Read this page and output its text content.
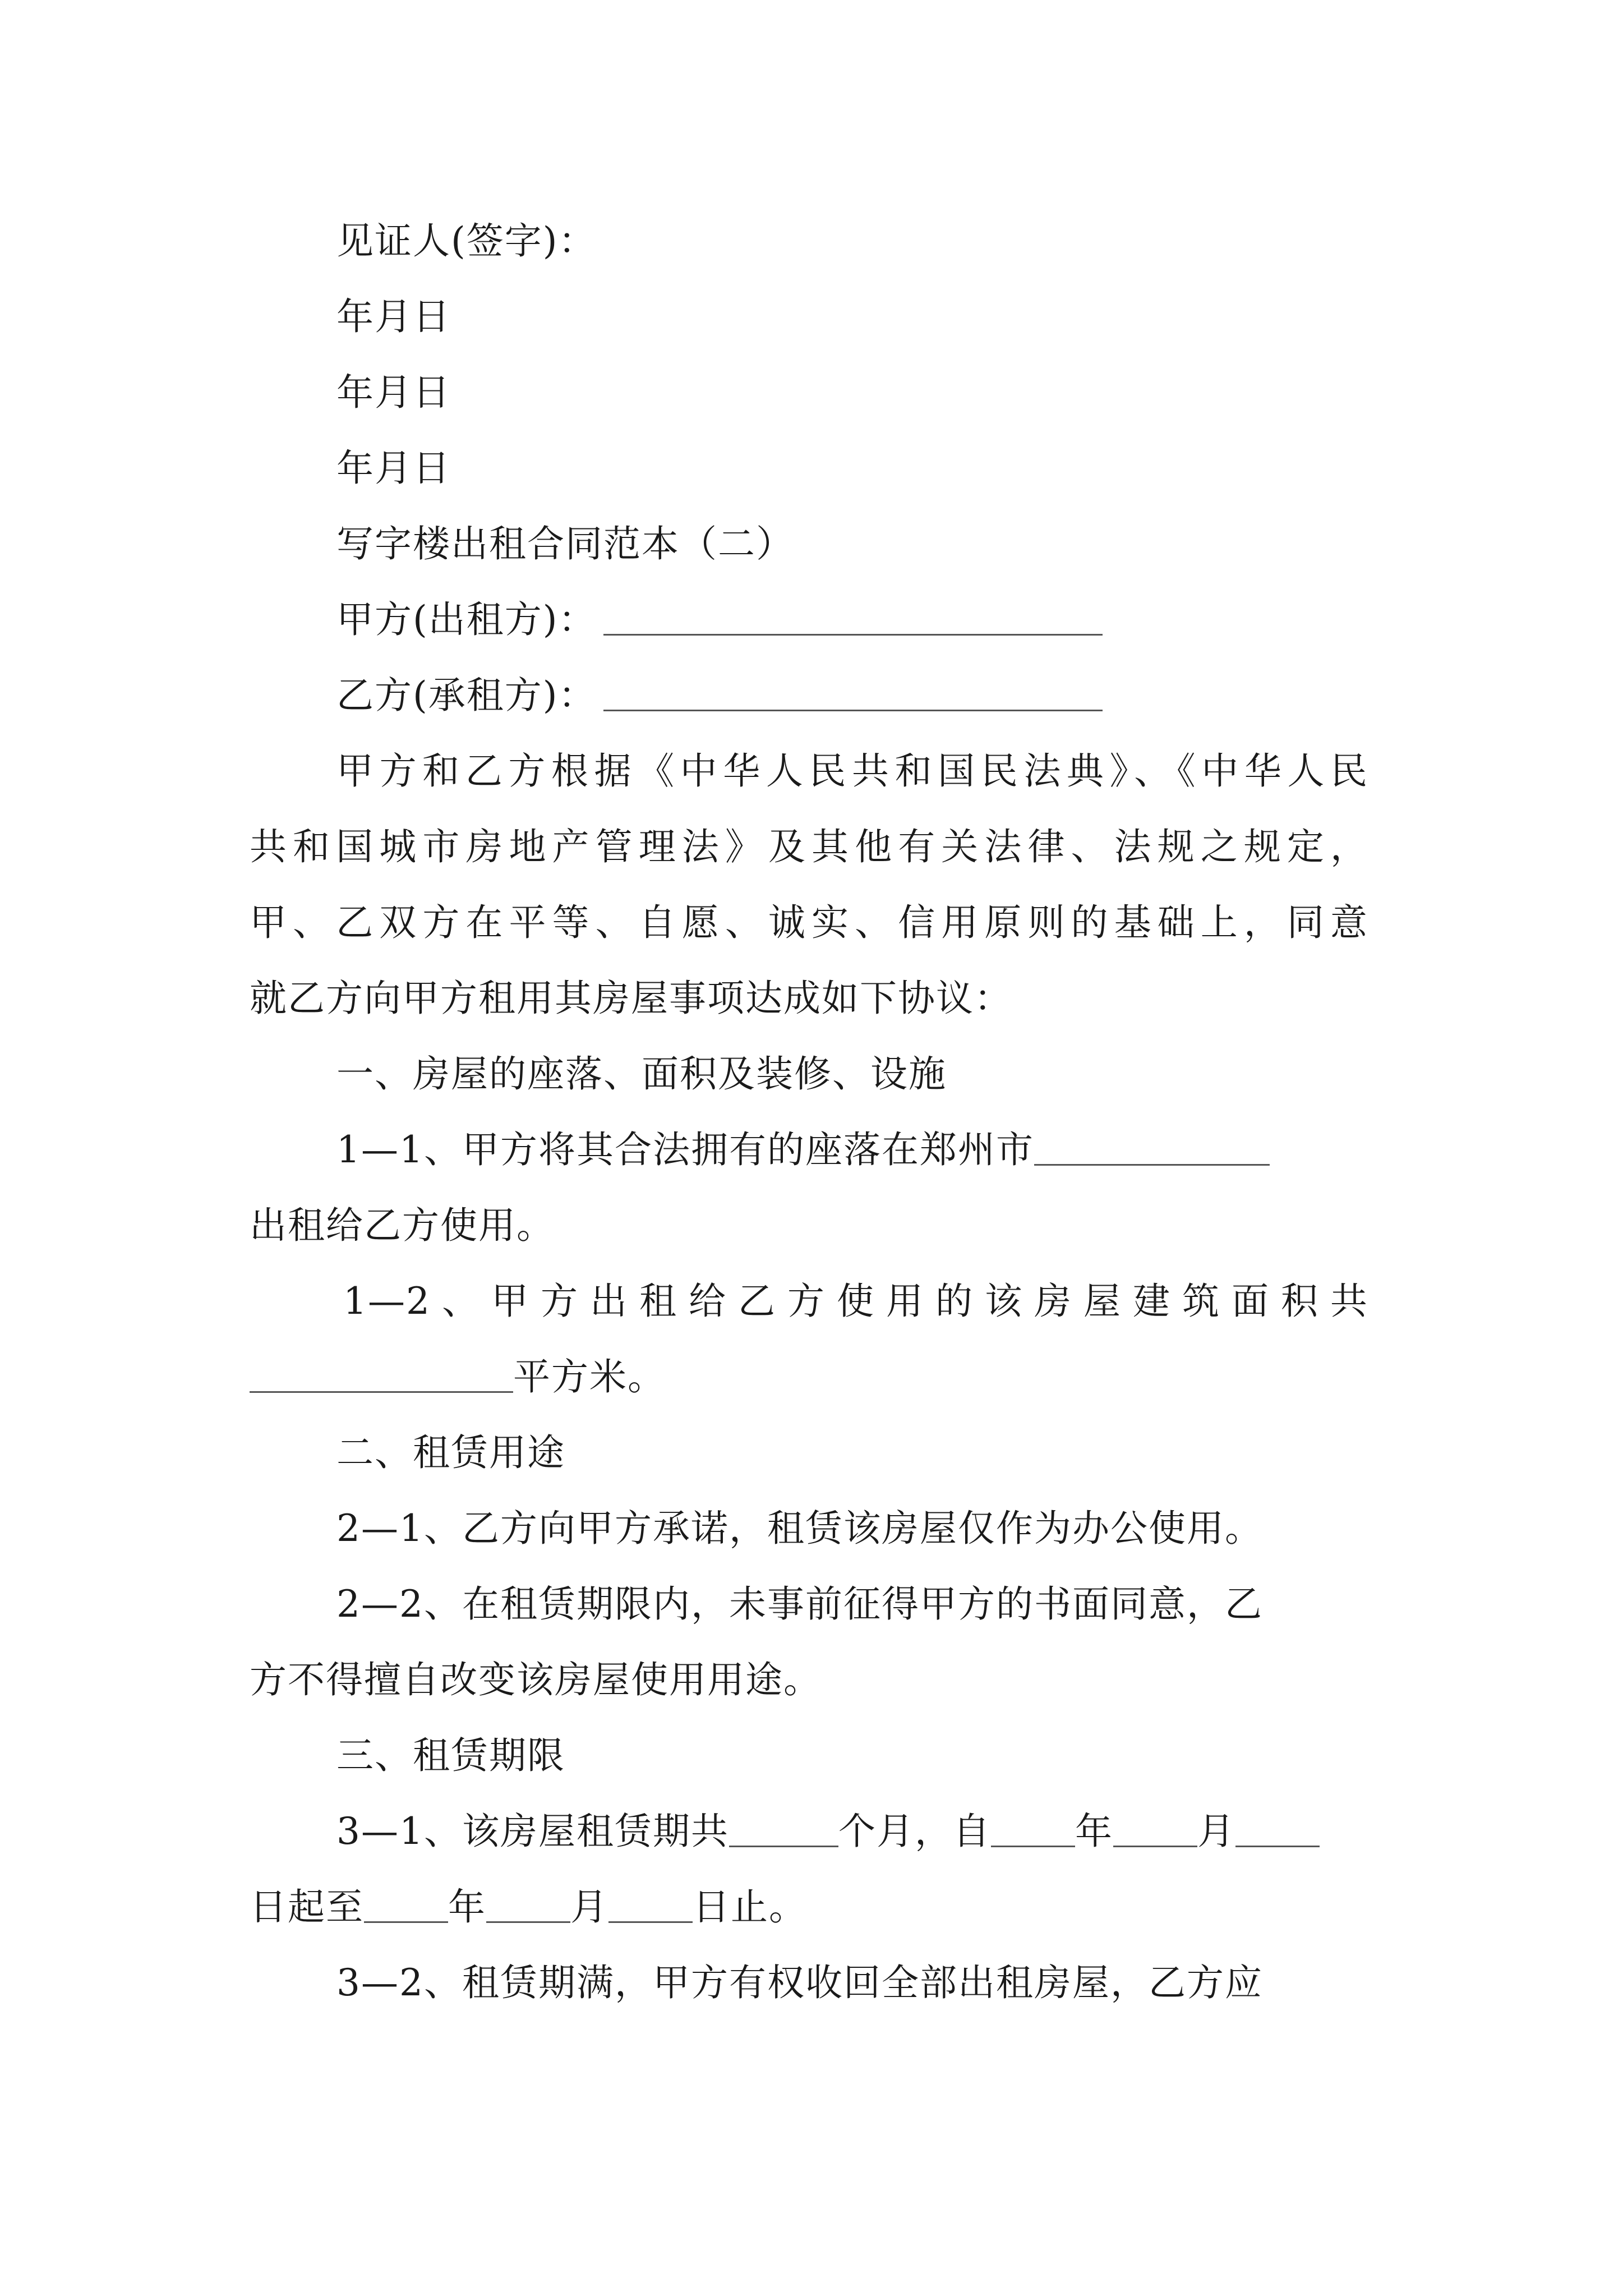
见证人(签字)：
年月日
年月日
年月日
写字楼出租合同范本（二）
甲方(出租方)：
乙方(承租方)：
甲方和乙方根据《中华人民共和国民法典》、《中华人民
共和国城市房地产管理法》及其他有关法律、法规之规定，
甲、乙双方在平等、自愿、诚实、信用原则的基础上，同意
就乙方向甲方租用其房屋事项达成如下协议：
一、房屋的座落、面积及装修、设施
1—1、甲方将其合法拥有的座落在郑州市
出租给乙方使用。
1—2、甲方出租给乙方使用的该房屋建筑面积共
平方米。
二、租赁用途
2—1、乙方向甲方承诺，租赁该房屋仅作为办公使用。
2—2、在租赁期限内，未事前征得甲方的书面同意，乙
方不得擅自改变该房屋使用用途。
三、租赁期限
3—1、该房屋租赁期共	个月，自 年 月
日起至 年 月 日止。
3—2、租赁期满，甲方有权收回全部出租房屋，乙方应
